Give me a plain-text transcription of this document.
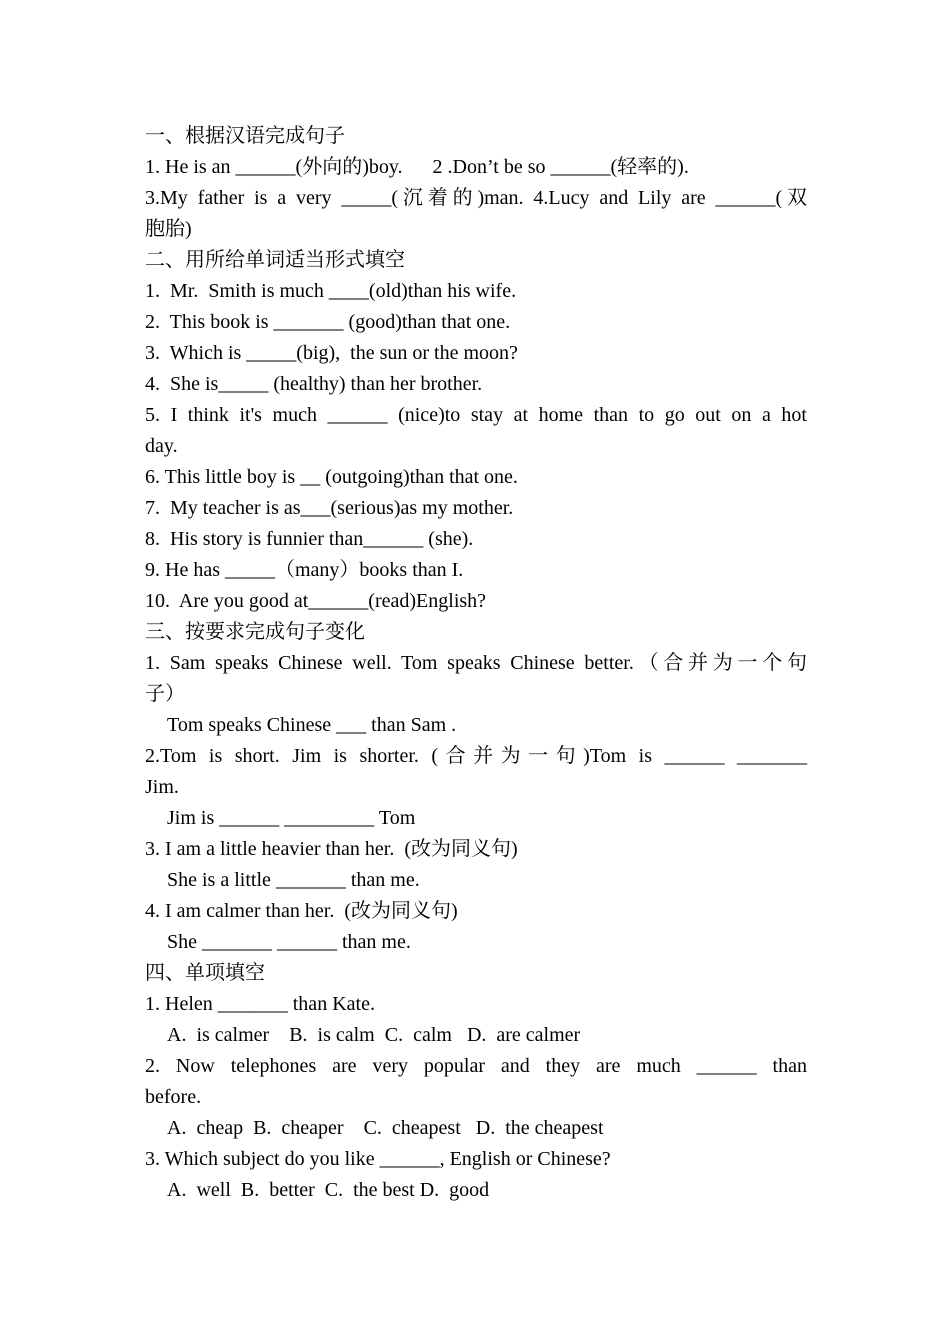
一、根据汉语完成句子
1. He is an ______(外向的)boy.      2 .Don’t be so ______(轻率的).
3.My father is a very _____(沉着的)man. 4.Lucy and Lily are ______(双
胞胎)
二、用所给单词适当形式填空
1.  Mr.  Smith is much ____(old)than his wife.
2.  This book is _______ (good)than that one.
3.  Which is _____(big),  the sun or the moon?
4.  She is_____ (healthy) than her brother.
5. I think it's much ______ (nice)to stay at home than to go out on a hot
day.
6. This little boy is __ (outgoing)than that one.
7.  My teacher is as___(serious)as my mother.
8.  His story is funnier than______ (she).
9. He has _____（many）books than I.
10.  Are you good at______(read)English?
三、按要求完成句子变化
1. Sam speaks Chinese well. Tom speaks Chinese better.（合并为一个句
子）
Tom speaks Chinese ___ than Sam .
2.Tom is short. Jim is shorter. (合并为一句)Tom is ______ _______
Jim.
Jim is ______ _________ Tom
3. I am a little heavier than her.  (改为同义句)
She is a little _______ than me.
4. I am calmer than her.  (改为同义句)
She _______ ______ than me.
四、单项填空
1. Helen _______ than Kate.
A.  is calmer    B.  is calm  C.  calm   D.  are calmer
2. Now telephones are very popular and they are much ______ than
before.
A.  cheap  B.  cheaper    C.  cheapest   D.  the cheapest
3. Which subject do you like ______, English or Chinese?
A.  well  B.  better  C.  the best D.  good
